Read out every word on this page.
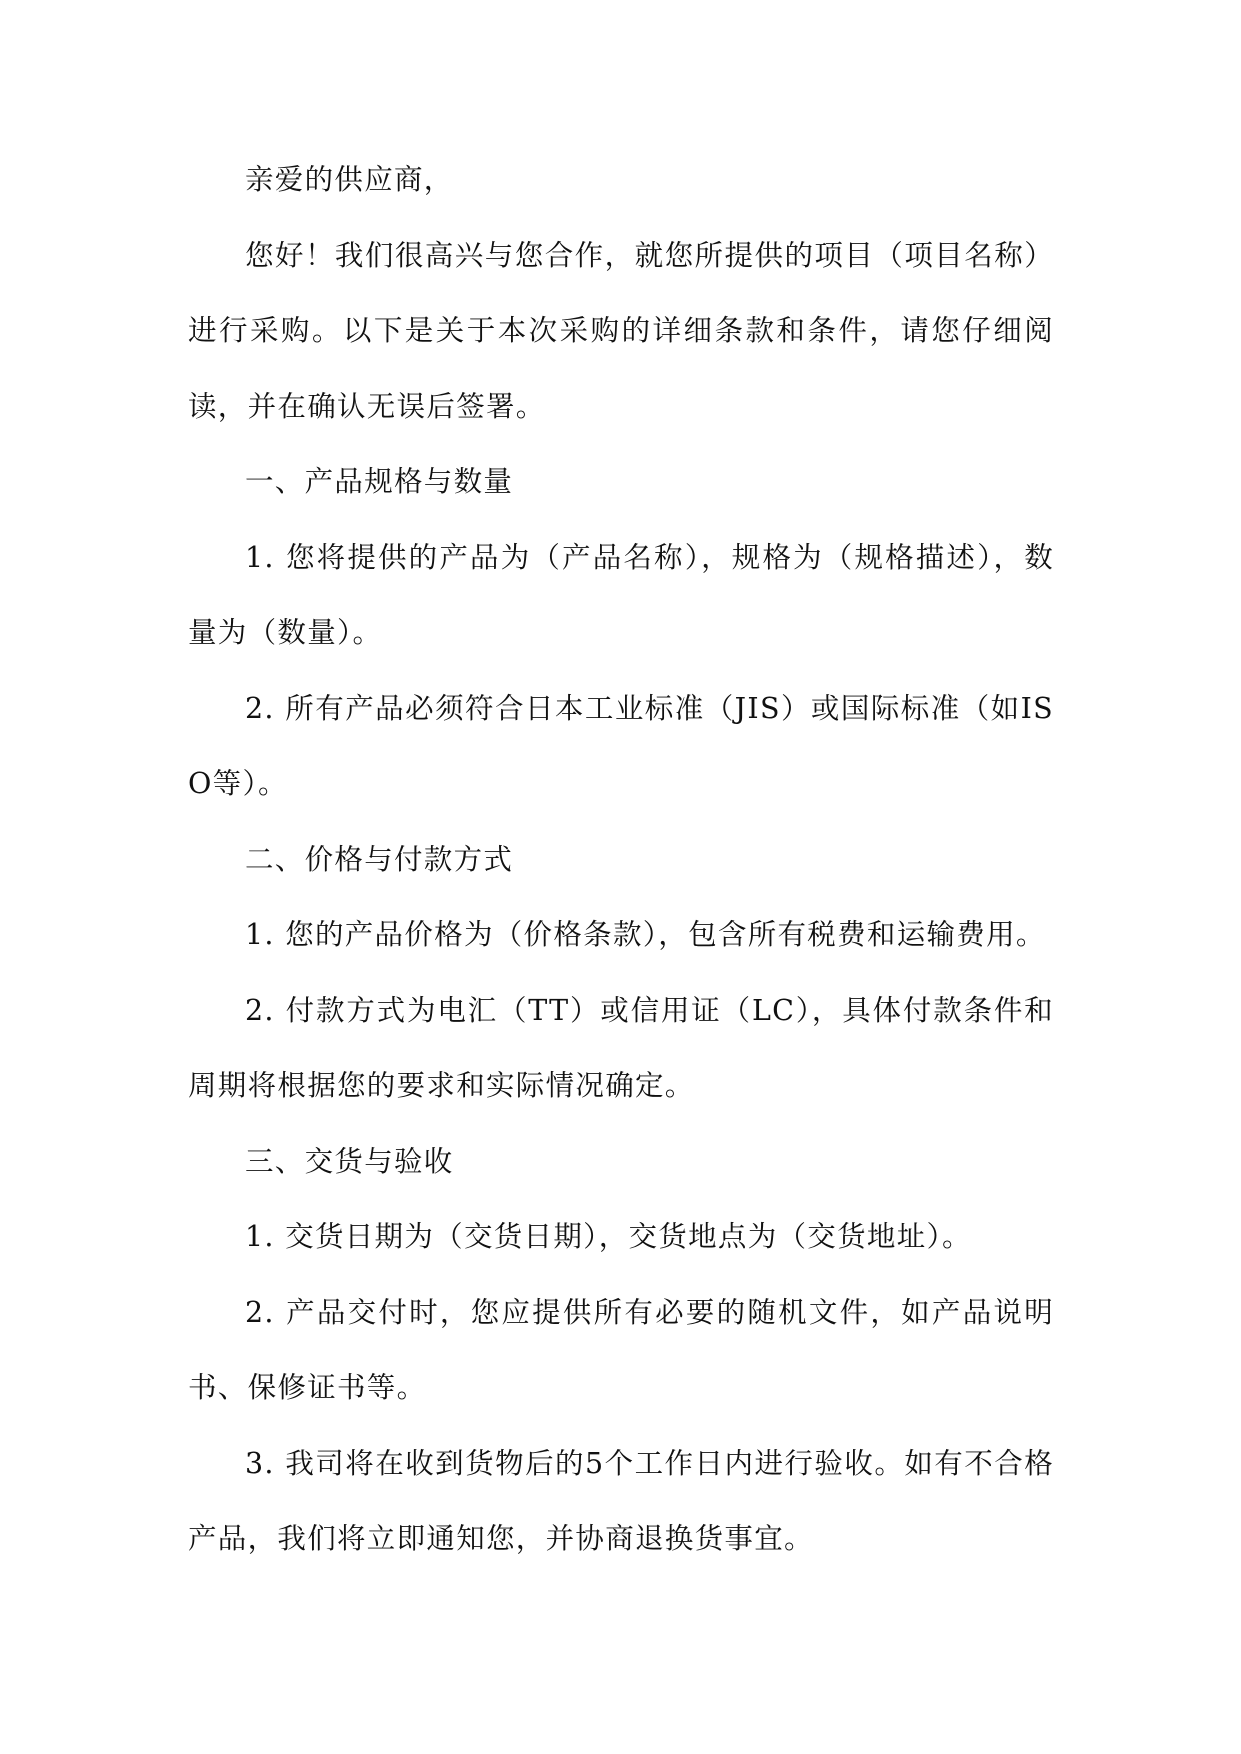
亲爱的供应商，

您好！我们很高兴与您合作，就您所提供的项目（项目名称）进行采购。以下是关于本次采购的详细条款和条件，请您仔细阅读，并在确认无误后签署。

一、产品规格与数量

1. 您将提供的产品为（产品名称），规格为（规格描述），数量为（数量）。

2. 所有产品必须符合日本工业标准（JIS）或国际标准（如ISO等）。

二、价格与付款方式

1. 您的产品价格为（价格条款），包含所有税费和运输费用。

2. 付款方式为电汇（TT）或信用证（LC），具体付款条件和周期将根据您的要求和实际情况确定。

三、交货与验收

1. 交货日期为（交货日期），交货地点为（交货地址）。

2. 产品交付时，您应提供所有必要的随机文件，如产品说明书、保修证书等。

3. 我司将在收到货物后的5个工作日内进行验收。如有不合格产品，我们将立即通知您，并协商退换货事宜。
